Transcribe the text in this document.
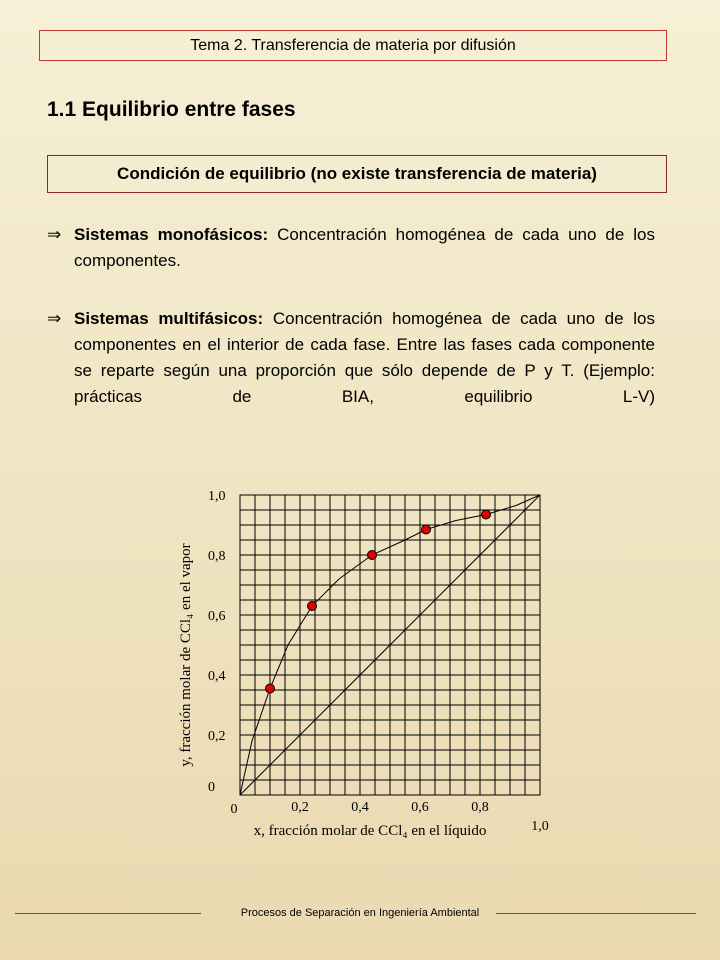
Tema 2. Transferencia de materia por difusión
1.1 Equilibrio entre fases
Condición de equilibrio (no existe transferencia de materia)
⇒ Sistemas monofásicos: Concentración homogénea de cada uno de los componentes.
⇒ Sistemas multifásicos: Concentración homogénea de cada uno de los componentes en el interior de cada fase. Entre las fases cada componente se reparte según una proporción que sólo depende de P y T. (Ejemplo: prácticas de BIA, equilibrio L-V)
0	0,2	0,4	0,6	0,8
1,0
0
0,2
0,4
0,6
0,8
1,0
x, fracción molar de CCl₄ en el líquido
y, fracción molar de CCl₄ en el vapor
Procesos de Separación en Ingeniería Ambiental
